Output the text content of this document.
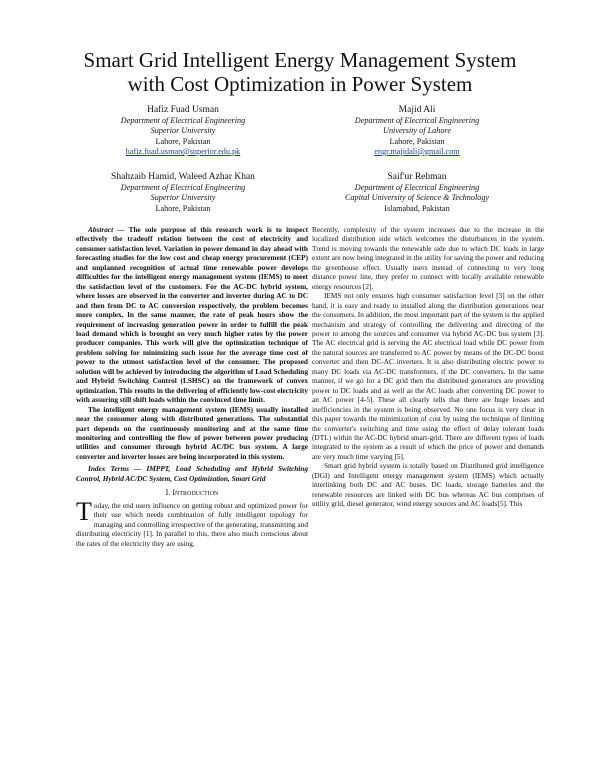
Smart Grid Intelligent Energy Management System
with Cost Optimization in Power System
Hafiz Fuad Usman
Department of Electrical Engineering
Superior University
Lahore, Pakistan
hafiz.fuad.usman@superior.edu.pk
Majid Ali
Department of Electrical Engineering
University of Lahore
Lahore, Pakistan
engr.majidali@gmail.com
Shahzaib Hamid, Waleed Azhar Khan
Department of Electrical Engineering
Superior University
Lahore, Pakistan
Saif'ur Rehman
Department of Electrical Engineering
Capital University of Science & Technology
Islamabad, Pakistan

Abstract — The sole purpose of this research work is to inspect effectively the tradeoff relation between the cost of electricity and consumer satisfaction level. Variation in power demand in day ahead with forecasting studies for the low cost and cheap energy procurement (CEP) and unplanned recognition of actual time renewable power develops difficulties for the intelligent energy management system (IEMS) to meet the satisfaction level of the customers. For the AC-DC hybrid system, where losses are observed in the converter and inverter during AC to DC and then from DC to AC conversion respectively, the problem becomes more complex. In the same manner, the rate of peak hours show the requirement of increasing generation power in order to fulfill the peak load demand which is brought on very much higher rates by the power producer companies. This work will give the optimization technique of problem solving for minimizing such issue for the average time cost of power to the utmost satisfaction level of the consumer. The proposed solution will be achieved by introducing the algorithm of Load Scheduling and Hybrid Switching Control (LSHSC) on the framework of convex optimization. This results in the delivering of efficiently low-cost electricity with assuring still shift loads within the convinced time limit.

The intelligent energy management system (IEMS) usually installed near the consumer along with distributed generations. The substantial part depends on the continuously monitoring and at the same time monitoring and controlling the flow of power between power producing utilities and consumer through hybrid AC/DC bus system. A large converter and inverter losses are being incorporated in this system.

Index Terms — IMPPT, Load Scheduling and Hybrid Switching Control, Hybrid AC/DC System, Cost Optimization, Smart Grid

I. Introduction

Today, the end users influence on getting robust and optimized power for their use which needs combination of fully intelligent topology for managing and controlling irrespective of the generating, transmitting and distributing electricity [1]. In parallel to this, there also much conscious about the rates of the electricity they are using.

Recently, complexity of the system increases due to the increase in the localized distribution side which welcomes the disturbances in the system. Trend is moving towards the renewable side due to which DC loads in large extent are now being integrated in the utility for saving the power and reducing the greenhouse effect. Usually users instead of connecting to very long distance power line, they prefer to connect with locally available renewable energy resources [2].

IEMS not only ensures high consumer satisfaction level [3] on the other hand, it is easy and ready to installed along the distribution generations near the consumers. In addition, the most important part of the system is the applied mechanism and strategy of controlling the delivering and directing of the power to among the sources and consumer via hybrid AC-DC bus system [3]. The AC electrical grid is serving the AC electrical load while DC power from the natural sources are transferred to AC power by means of the DC-DC boost converter and then DC-AC inverters. It is also distributing electric power to many DC loads via AC-DC transformers, if the DC converters. In the same manner, if we go for a DC grid then the distributed generators are providing power to DC loads and as well as the AC loads after converting DC power to an AC power [4-5]. These all clearly tells that there are huge losses and inefficiencies in the system is being observed. No one focus is very clear in this paper towards the minimization of cost by using the technique of limiting the converter's switching and time using the effect of delay tolerant loads (DTL) within the AC-DC hybrid smart-grid. There are different types of loads integrated to the system as a result of which the price of power and demands are very much time varying [5].

Smart grid hybrid system is totally based on Distributed grid intelligence (DGI) and Intelligent energy management system (IEMS) which actually interlinking both DC and AC buses. DC loads, storage batteries and the renewable resources are linked with DC bus whereas AC bus comprises of utility grid, diesel generator, wind energy sources and AC loads[5]. This
